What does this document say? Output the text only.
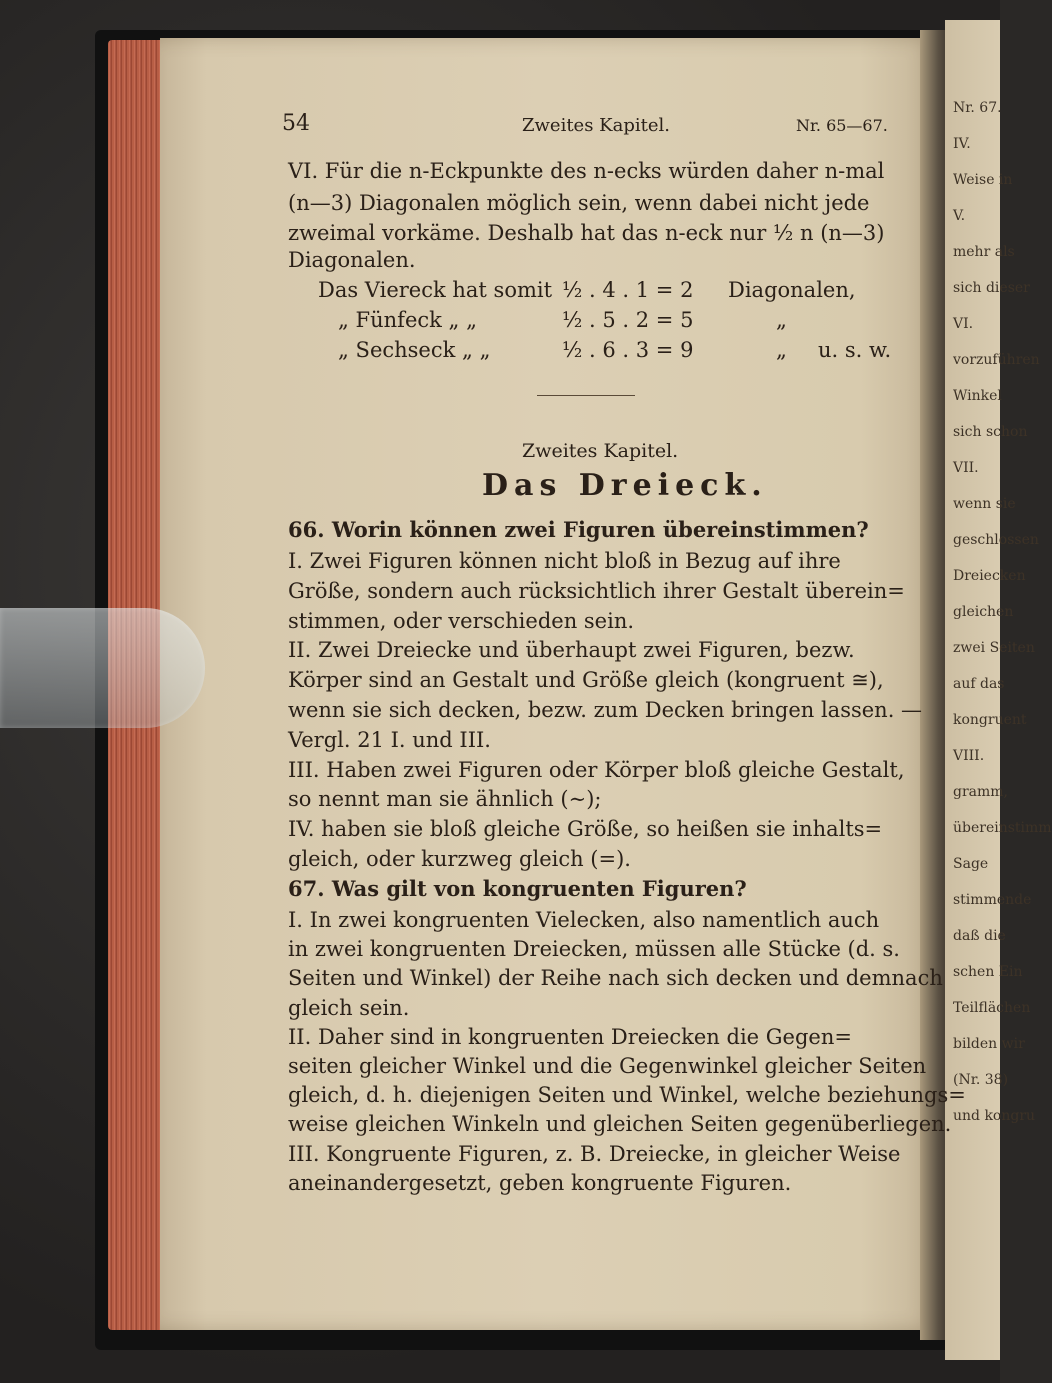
Nr. 67.
IV.
Weise in
V.
mehr als
sich dieser
VI.
vorzuführen
Winkel
sich schon
VII.
wenn sie
geschlossen
Dreiecken
gleichen
zwei Seiten
auf das
kongruent
VIII.
gramm,
übereinstimm
Sage
stimmende
daß die
schen Ein
Teilflächen
bilden wir
(Nr. 38)
und kongru
54	Zweites Kapitel.	Nr. 65—67.
VI. Für die n-Eckpunkte des n-ecks würden daher n-mal
(n—3) Diagonalen möglich sein, wenn dabei nicht jede
zweimal vorkäme. Deshalb hat das n-eck nur ½ n (n—3)
Diagonalen.
Das Viereck hat somit ½ . 4 . 1 = 2 Diagonalen,
„ Fünfeck „ „	½ . 5 . 2 = 5	„
„ Sechseck „ „	½ . 6 . 3 = 9	„ u. s. w.
Zweites Kapitel.
Das Dreieck.
66. Worin können zwei Figuren übereinstimmen?
I. Zwei Figuren können nicht bloß in Bezug auf ihre
Größe, sondern auch rücksichtlich ihrer Gestalt überein=
stimmen, oder verschieden sein.
II. Zwei Dreiecke und überhaupt zwei Figuren, bezw.
Körper sind an Gestalt und Größe gleich (kongruent ≅),
wenn sie sich decken, bezw. zum Decken bringen lassen. —
Vergl. 21 I. und III.
III. Haben zwei Figuren oder Körper bloß gleiche Gestalt,
so nennt man sie ähnlich (∼);
IV. haben sie bloß gleiche Größe, so heißen sie inhalts=
gleich, oder kurzweg gleich (=).
67. Was gilt von kongruenten Figuren?
I. In zwei kongruenten Vielecken, also namentlich auch
in zwei kongruenten Dreiecken, müssen alle Stücke (d. s.
Seiten und Winkel) der Reihe nach sich decken und demnach
gleich sein.
II. Daher sind in kongruenten Dreiecken die Gegen=
seiten gleicher Winkel und die Gegenwinkel gleicher Seiten
gleich, d. h. diejenigen Seiten und Winkel, welche beziehungs=
weise gleichen Winkeln und gleichen Seiten gegenüberliegen.
III. Kongruente Figuren, z. B. Dreiecke, in gleicher Weise
aneinandergesetzt, geben kongruente Figuren.
